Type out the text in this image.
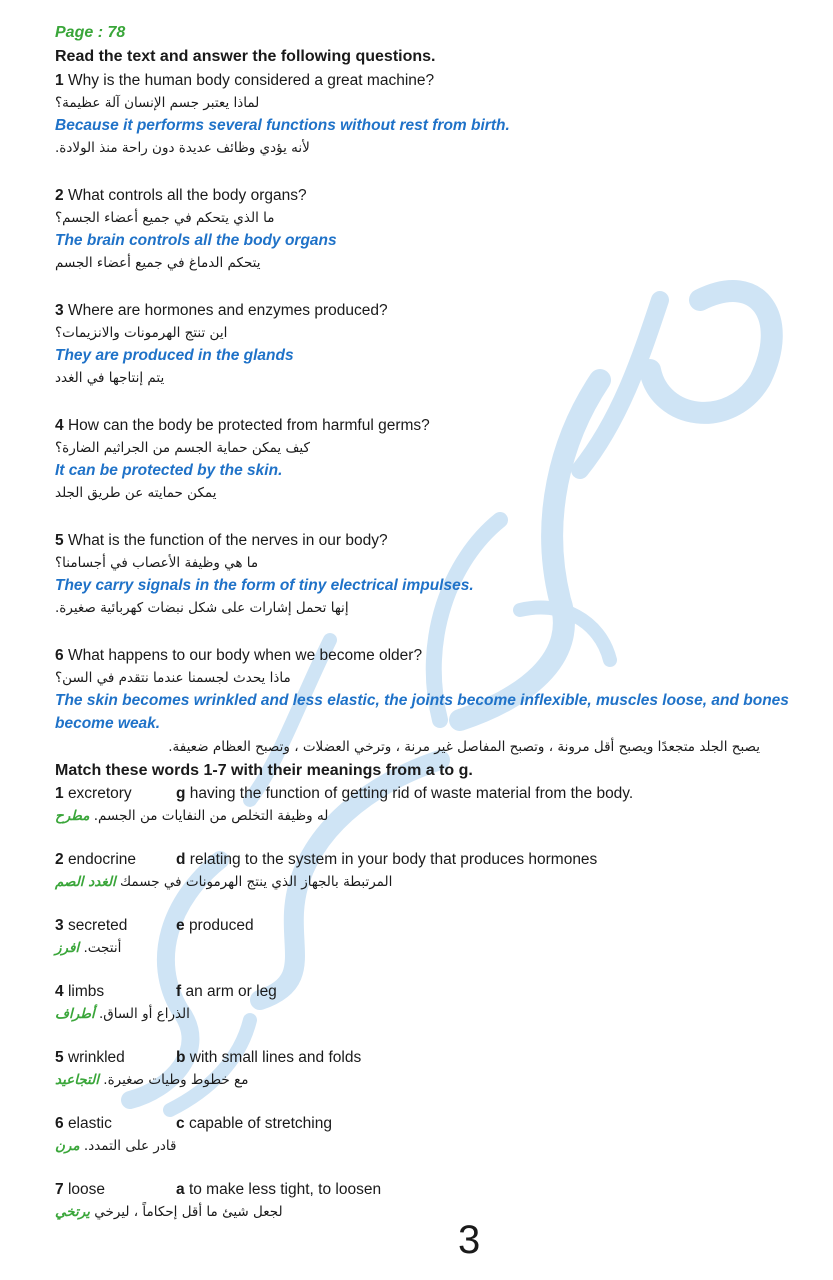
Page : 78
Read the text and answer the following questions.
1 Why is the human body considered a great machine?
لماذا يعتبر جسم الإنسان آلة عظيمة؟
Because it performs several functions without rest from birth.
لأنه يؤدي وظائف عديدة دون راحة منذ الولادة.
2 What controls all the body organs?
ما الذي يتحكم في جميع أعضاء الجسم؟
The brain controls all the body organs
يتحكم الدماغ في جميع أعضاء الجسم
3 Where are hormones and enzymes produced?
اين تنتج الهرمونات والانزيمات؟
They are produced in the glands
يتم إنتاجها في الغدد
4 How can the body be protected from harmful germs?
كيف يمكن حماية الجسم من الجراثيم الضارة؟
It can be protected by the skin.
يمكن حمايته عن طريق الجلد
5 What is the function of the nerves in our body?
ما هي وظيفة الأعصاب في أجسامنا؟
They carry signals in the form of tiny electrical impulses.
إنها تحمل إشارات على شكل نبضات كهربائية صغيرة.
6 What happens to our body when we become older?
ماذا يحدث لجسمنا عندما نتقدم في السن؟
The skin becomes wrinkled and less elastic, the joints become inflexible, muscles loose, and bones become weak.
يصبح الجلد متجعدًا ويصبح أقل مرونة ، وتصبح المفاصل غير مرنة ، وترخي العضلات ، وتصبح العظام ضعيفة.
Match these words 1-7 with their meanings from a to g.
1 excretory	g having the function of getting rid of waste material from the body.
مطرح له وظيفة التخلص من النفايات من الجسم.
2 endocrine	d relating to the system in your body that produces hormones
الغدد الصم المرتبطة بالجهاز الذي ينتج الهرمونات في جسمك
3 secreted	e produced
افرز أنتجت.
4 limbs	f an arm or leg
أطراف الذراع أو الساق.
5 wrinkled	b with small lines and folds
التجاعيد مع خطوط وطيات صغيرة.
6 elastic	c capable of stretching
مرن قادر على التمدد.
7 loose	a to make less tight, to loosen
يرتخي لجعل شيئ ما أقل إحكاماً ، ليرخي
3
